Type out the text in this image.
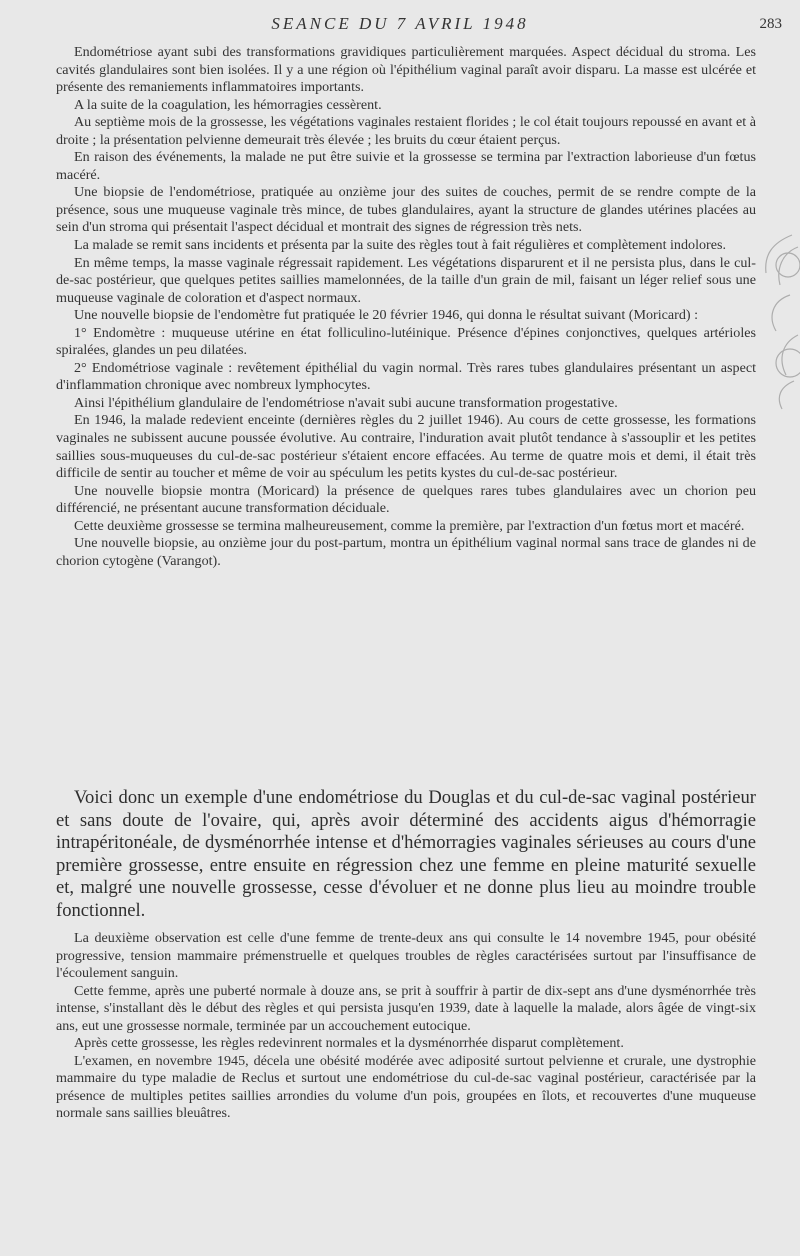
SEANCE DU 7 AVRIL 1948	283

Endométriose ayant subi des transformations gravidiques particulièrement marquées. Aspect décidual du stroma. Les cavités glandulaires sont bien isolées. Il y a une région où l'épithélium vaginal paraît avoir disparu. La masse est ulcérée et présente des remaniements inflammatoires importants.

A la suite de la coagulation, les hémorragies cessèrent.

Au septième mois de la grossesse, les végétations vaginales restaient florides ; le col était toujours repoussé en avant et à droite ; la présentation pelvienne demeurait très élevée ; les bruits du cœur étaient perçus.

En raison des événements, la malade ne put être suivie et la grossesse se termina par l'extraction laborieuse d'un fœtus macéré.

Une biopsie de l'endométriose, pratiquée au onzième jour des suites de couches, permit de se rendre compte de la présence, sous une muqueuse vaginale très mince, de tubes glandulaires, ayant la structure de glandes utérines placées au sein d'un stroma qui présentait l'aspect décidual et montrait des signes de régression très nets.

La malade se remit sans incidents et présenta par la suite des règles tout à fait régulières et complètement indolores.

En même temps, la masse vaginale régressait rapidement. Les végétations disparurent et il ne persista plus, dans le cul-de-sac postérieur, que quelques petites saillies mamelonnées, de la taille d'un grain de mil, faisant un léger relief sous une muqueuse vaginale de coloration et d'aspect normaux.

Une nouvelle biopsie de l'endomètre fut pratiquée le 20 février 1946, qui donna le résultat suivant (Moricard) :

1° Endomètre : muqueuse utérine en état folliculino-lutéinique. Présence d'épines conjonctives, quelques artérioles spiralées, glandes un peu dilatées.

2° Endométriose vaginale : revêtement épithélial du vagin normal. Très rares tubes glandulaires présentant un aspect d'inflammation chronique avec nombreux lymphocytes.

Ainsi l'épithélium glandulaire de l'endométriose n'avait subi aucune transformation progestative.

En 1946, la malade redevient enceinte (dernières règles du 2 juillet 1946). Au cours de cette grossesse, les formations vaginales ne subissent aucune poussée évolutive. Au contraire, l'induration avait plutôt tendance à s'assouplir et les petites saillies sous-muqueuses du cul-de-sac postérieur s'étaient encore effacées. Au terme de quatre mois et demi, il était très difficile de sentir au toucher et même de voir au spéculum les petits kystes du cul-de-sac postérieur.

Une nouvelle biopsie montra (Moricard) la présence de quelques rares tubes glandulaires avec un chorion peu différencié, ne présentant aucune transformation déciduale.

Cette deuxième grossesse se termina malheureusement, comme la première, par l'extraction d'un fœtus mort et macéré.

Une nouvelle biopsie, au onzième jour du post-partum, montra un épithélium vaginal normal sans trace de glandes ni de chorion cytogène (Varangot).

Voici donc un exemple d'une endométriose du Douglas et du cul-de-sac vaginal postérieur et sans doute de l'ovaire, qui, après avoir déterminé des accidents aigus d'hémorragie intrapéritonéale, de dysménorrhée intense et d'hémorragies vaginales sérieuses au cours d'une première grossesse, entre ensuite en régression chez une femme en pleine maturité sexuelle et, malgré une nouvelle grossesse, cesse d'évoluer et ne donne plus lieu au moindre trouble fonctionnel.

La deuxième observation est celle d'une femme de trente-deux ans qui consulte le 14 novembre 1945, pour obésité progressive, tension mammaire prémenstruelle et quelques troubles de règles caractérisées surtout par l'insuffisance de l'écoulement sanguin.

Cette femme, après une puberté normale à douze ans, se prit à souffrir à partir de dix-sept ans d'une dysménorrhée très intense, s'installant dès le début des règles et qui persista jusqu'en 1939, date à laquelle la malade, alors âgée de vingt-six ans, eut une grossesse normale, terminée par un accouchement eutocique.

Après cette grossesse, les règles redevinrent normales et la dysménorrhée disparut complètement.

L'examen, en novembre 1945, décela une obésité modérée avec adiposité surtout pelvienne et crurale, une dystrophie mammaire du type maladie de Reclus et surtout une endométriose du cul-de-sac vaginal postérieur, caractérisée par la présence de multiples petites saillies arrondies du volume d'un pois, groupées en îlots, et recouvertes d'une muqueuse normale sans saillies bleuâtres.
